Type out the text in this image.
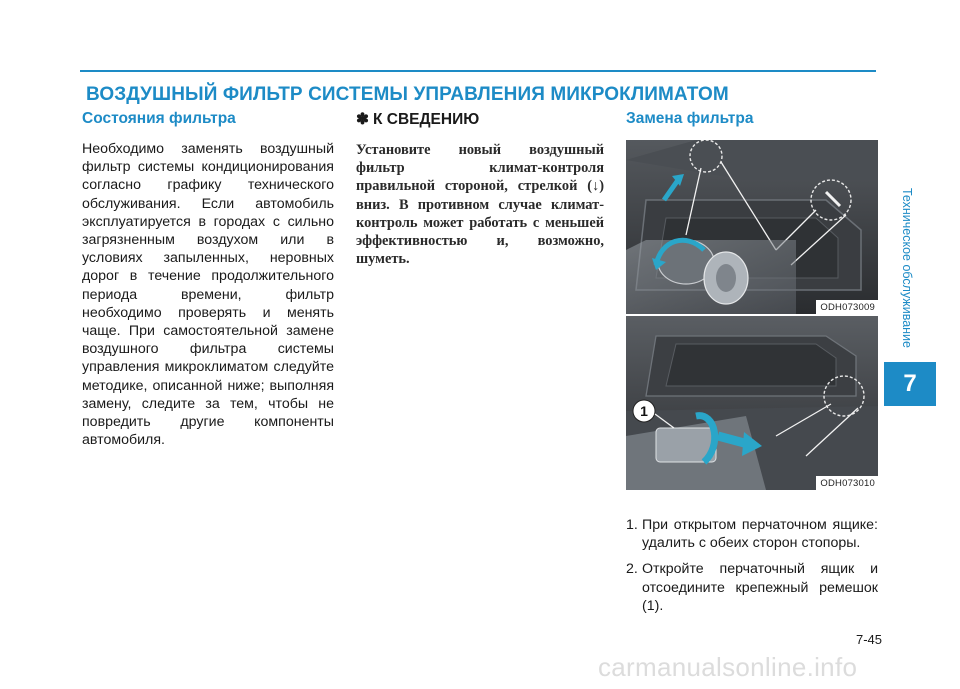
ВОЗДУШНЫЙ ФИЛЬТР СИСТЕМЫ УПРАВЛЕНИЯ МИКРОКЛИМАТОМ
Состояния фильтра

Необходимо заменять воздушный фильтр системы кондиционирования согласно графику технического обслуживания. Если автомобиль эксплуатируется в городах с сильно загрязненным воздухом или в условиях запыленных, неровных дорог в течение продолжительного периода времени, фильтр необходимо проверять и менять чаще. При самостоятельной замене воздушного фильтра системы управления микроклиматом следуйте методике, описанной ниже; выполняя замену, следите за тем, чтобы не повредить другие компоненты автомобиля.

✽ К СВЕДЕНИЮ

Установите новый воздушный фильтр климат-контроля правильной стороной, стрелкой (↓) вниз. В противном случае климат-контроль может работать с меньшей эффективностью и, возможно, шуметь.

Замена фильтра
ODH073009
1
ODH073010
1. При открытом перчаточном ящике: удалить с обеих сторон стопоры.
2. Откройте перчаточный ящик и отсоедините крепежный ремешок (1).
Техническое обслуживание
7
7-45
carmanualsonline.info
